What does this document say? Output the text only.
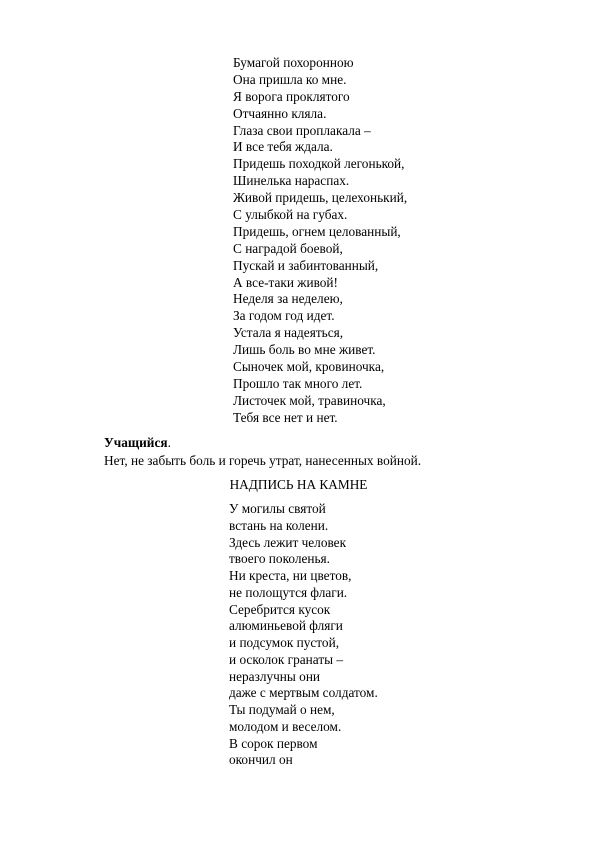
Бумагой похоронною
Она пришла ко мне.
Я ворога проклятого
Отчаянно кляла.
Глаза свои проплакала –
И все тебя ждала.
Придешь походкой легонькой,
Шинелька нараспах.
Живой придешь, целехонький,
С улыбкой на губах.
Придешь, огнем целованный,
С наградой боевой,
Пускай и забинтованный,
А все-таки живой!
Неделя за неделею,
За годом год идет.
Устала я надеяться,
Лишь боль во мне живет.
Сыночек мой, кровиночка,
Прошло так много лет.
Листочек мой, травиночка,
Тебя все нет и нет.
Учащийся.
Нет, не забыть боль и горечь утрат, нанесенных войной.
НАДПИСЬ НА КАМНЕ
У могилы святой
встань на колени.
Здесь лежит человек
твоего поколенья.
Ни креста, ни цветов,
не полощутся флаги.
Серебрится кусок
алюминьевой фляги
и подсумок пустой,
и осколок гранаты –
неразлучны они
даже с мертвым солдатом.
Ты подумай о нем,
молодом и веселом.
В сорок первом
окончил он
